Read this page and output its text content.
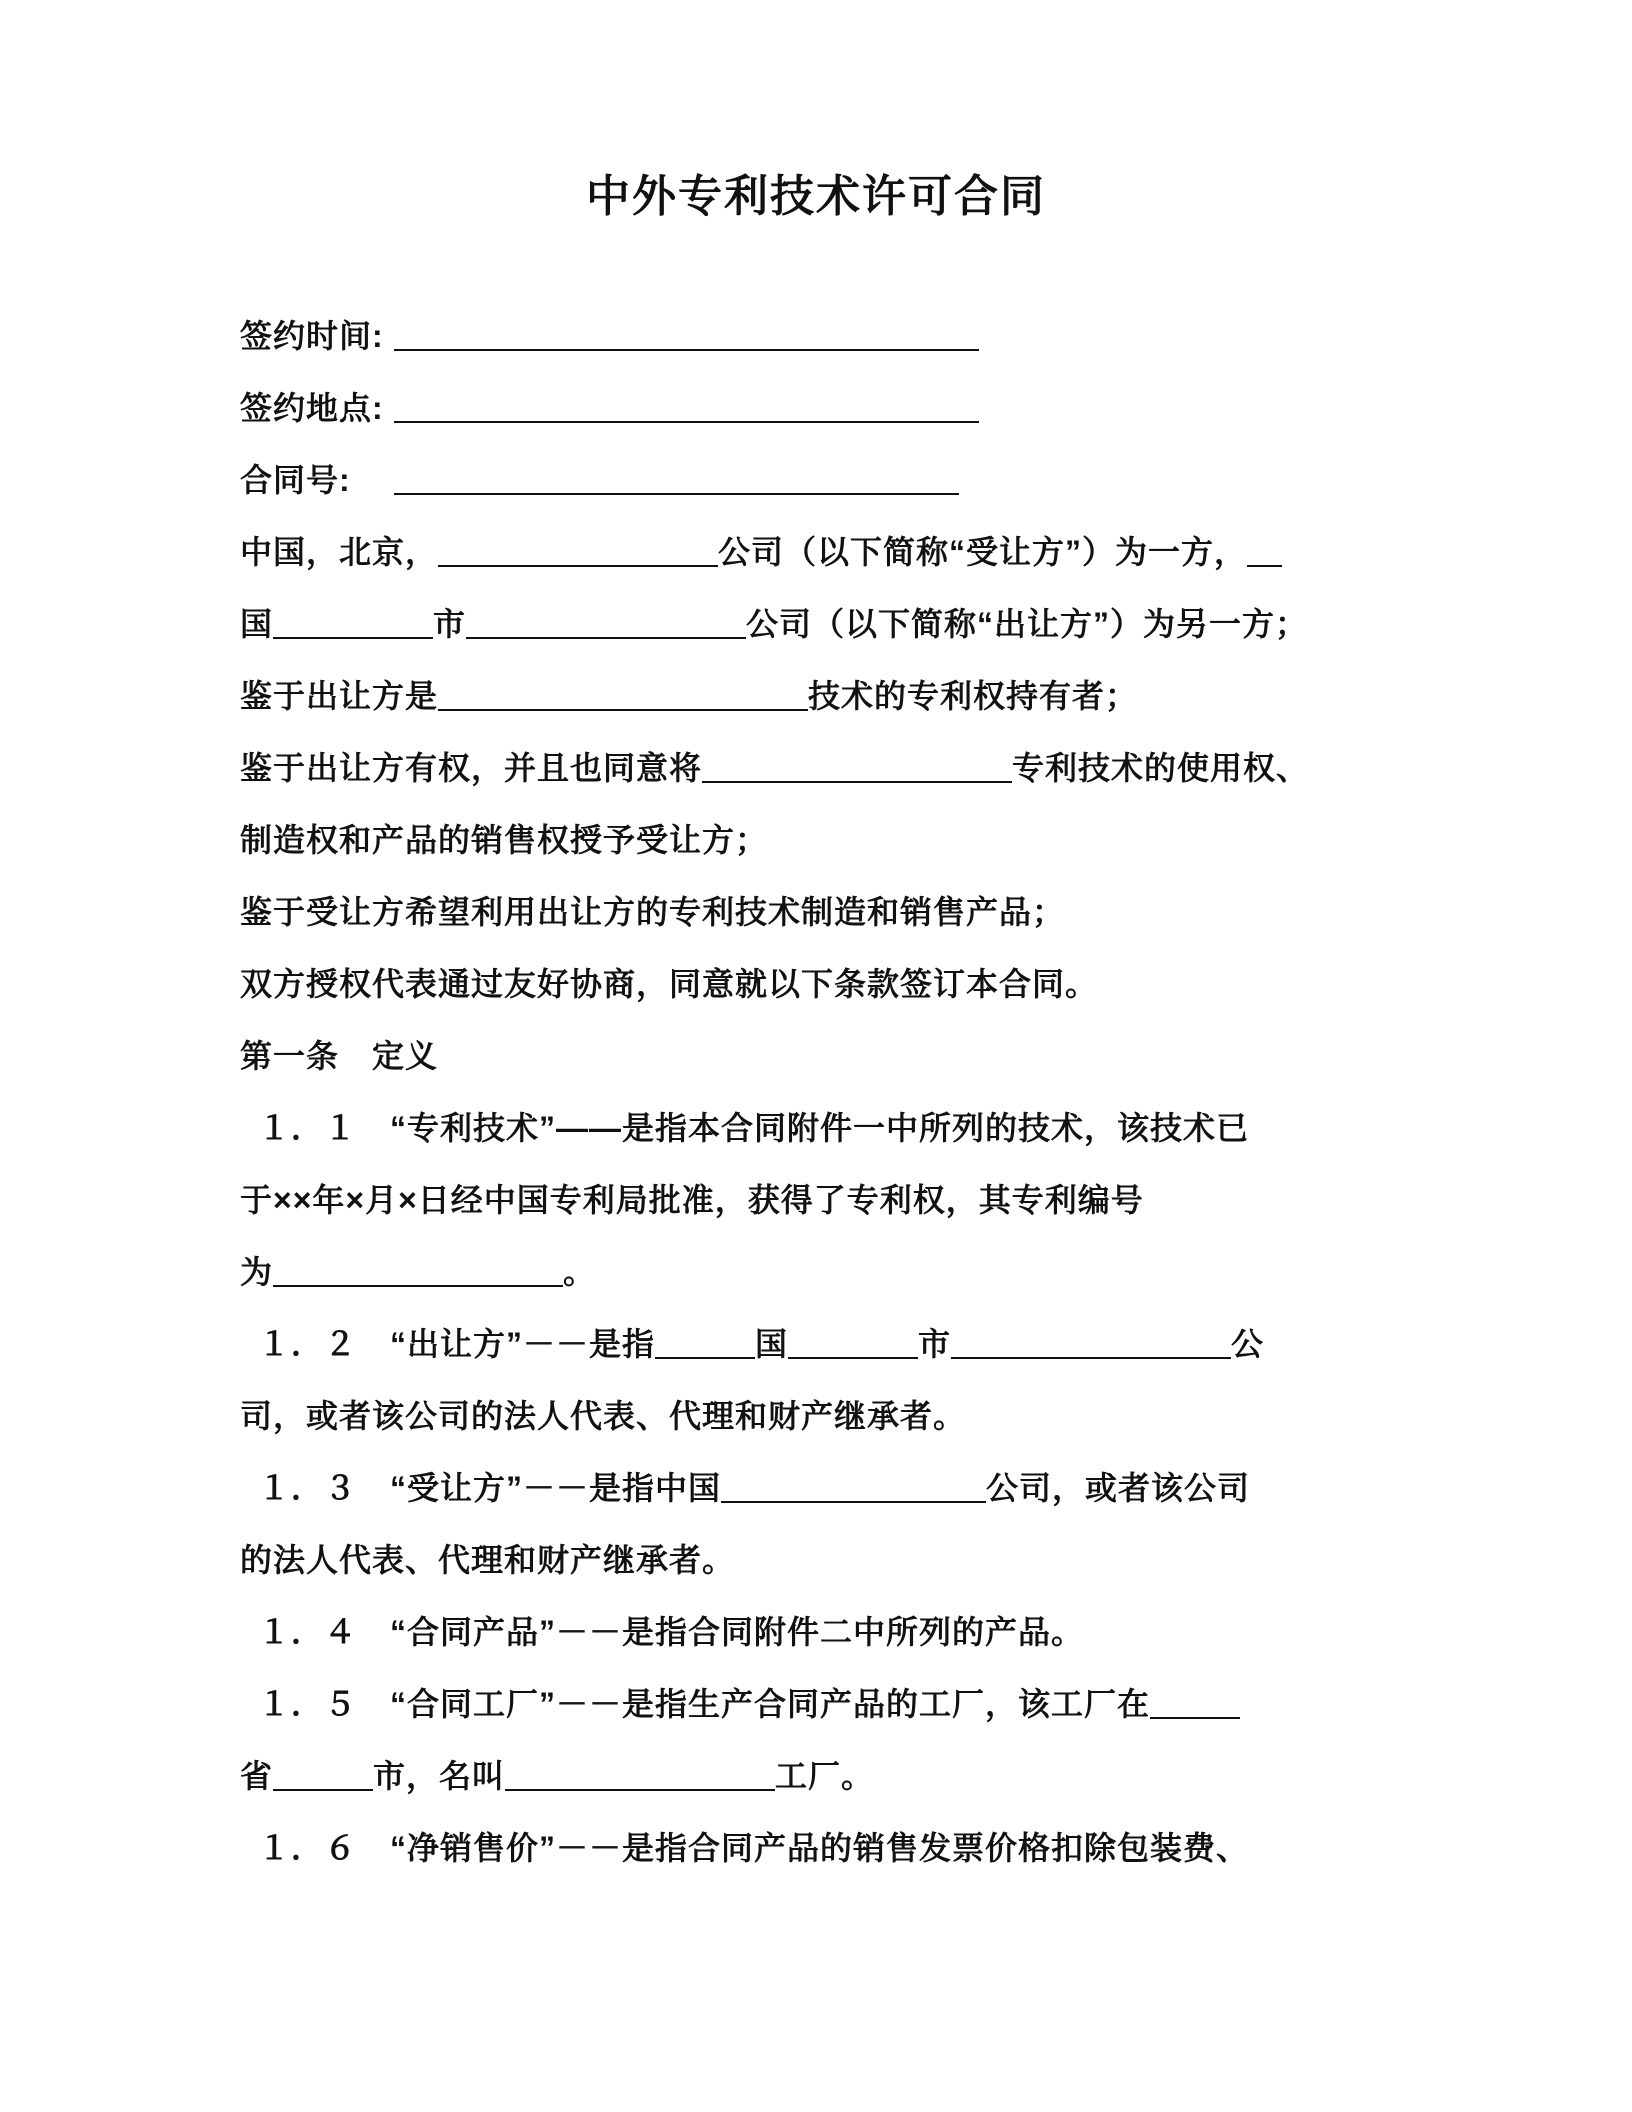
中外专利技术许可合同
签约时间:
签约地点:
合同号: 　
中国，北京，	公司（以下简称“受让方”）为一方，
国	市	公司（以下简称“出让方”）为另一方；
鉴于出让方是	技术的专利权持有者；
鉴于出让方有权，并且也同意将	专利技术的使用权、
制造权和产品的销售权授予受让方；
鉴于受让方希望利用出让方的专利技术制造和销售产品；
双方授权代表通过友好协商，同意就以下条款签订本合同。
第一条　定义
１．１　“专利技术”——是指本合同附件一中所列的技术，该技术已
于××年×月×日经中国专利局批准，获得了专利权，其专利编号
为	。
１．２　“出让方”－－是指	国	市	公
司，或者该公司的法人代表、代理和财产继承者。
１．３　“受让方”－－是指中国	公司，或者该公司
的法人代表、代理和财产继承者。
１．４　“合同产品”－－是指合同附件二中所列的产品。
１．５　“合同工厂”－－是指生产合同产品的工厂，该工厂在
省	市，名叫	工厂。
１．６　“净销售价”－－是指合同产品的销售发票价格扣除包装费、
